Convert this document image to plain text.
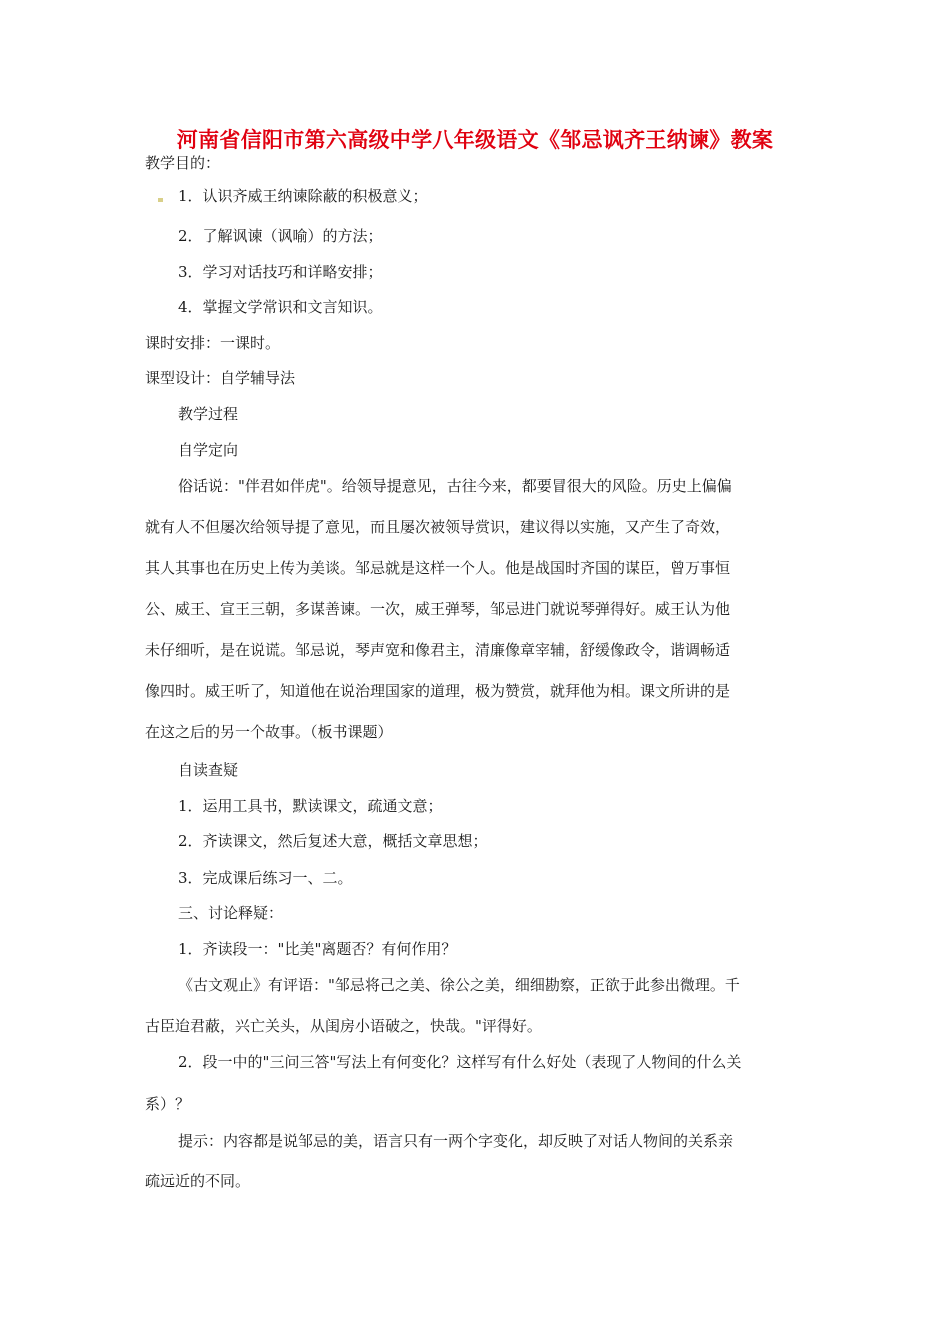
河南省信阳市第六高级中学八年级语文《邹忌讽齐王纳谏》教案
教学目的：
1．认识齐威王纳谏除蔽的积极意义；
2．了解讽谏（讽喻）的方法；
3．学习对话技巧和详略安排；
4．掌握文学常识和文言知识。
课时安排：一课时。
课型设计：自学辅导法
教学过程
自学定向
俗话说："伴君如伴虎"。给领导提意见，古往今来，都要冒很大的风险。历史上偏偏
就有人不但屡次给领导提了意见，而且屡次被领导赏识，建议得以实施，又产生了奇效，
其人其事也在历史上传为美谈。邹忌就是这样一个人。他是战国时齐国的谋臣，曾万事恒
公、威王、宣王三朝，多谋善谏。一次，威王弹琴，邹忌进门就说琴弹得好。威王认为他
未仔细听，是在说谎。邹忌说，琴声宽和像君主，清廉像章宰辅，舒缓像政令，谐调畅适
像四时。威王听了，知道他在说治理国家的道理，极为赞赏，就拜他为相。课文所讲的是
在这之后的另一个故事。（板书课题）
自读查疑
1．运用工具书，默读课文，疏通文意；
2．齐读课文，然后复述大意，概括文章思想；
3．完成课后练习一、二。
三、讨论释疑：
1．齐读段一："比美"离题否？有何作用？
《古文观止》有评语："邹忌将己之美、徐公之美，细细勘察，正欲于此参出微理。千
古臣迨君蔽，兴亡关头，从闺房小语破之，快哉。"评得好。
2．段一中的"三问三答"写法上有何变化？这样写有什么好处（表现了人物间的什么关
系）？
提示：内容都是说邹忌的美，语言只有一两个字变化，却反映了对话人物间的关系亲
疏远近的不同。
